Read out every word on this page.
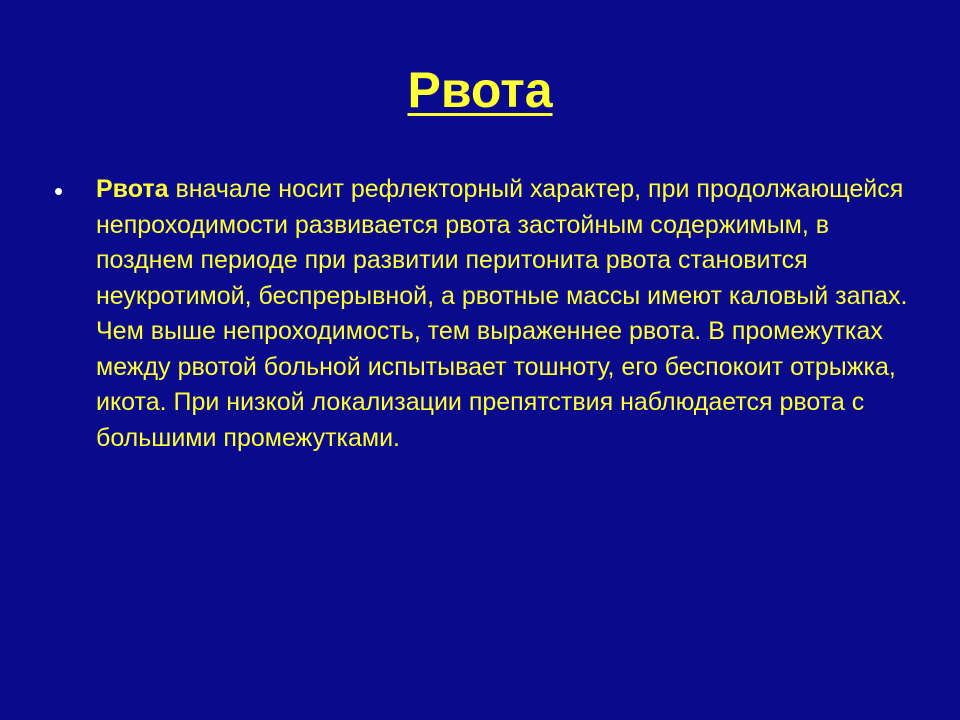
Рвота
• Рвота вначале носит рефлекторный характер, при продолжающейся непроходимости развивается рвота застойным содержимым, в позднем периоде при развитии перитонита рвота становится неукротимой, беспрерывной, а рвотные массы имеют каловый запах. Чем выше непроходимость, тем выраженнее рвота. В промежутках между рвотой больной испытывает тошноту, его беспокоит отрыжка, икота. При низкой локализации препятствия наблюдается рвота с большими промежутками.
